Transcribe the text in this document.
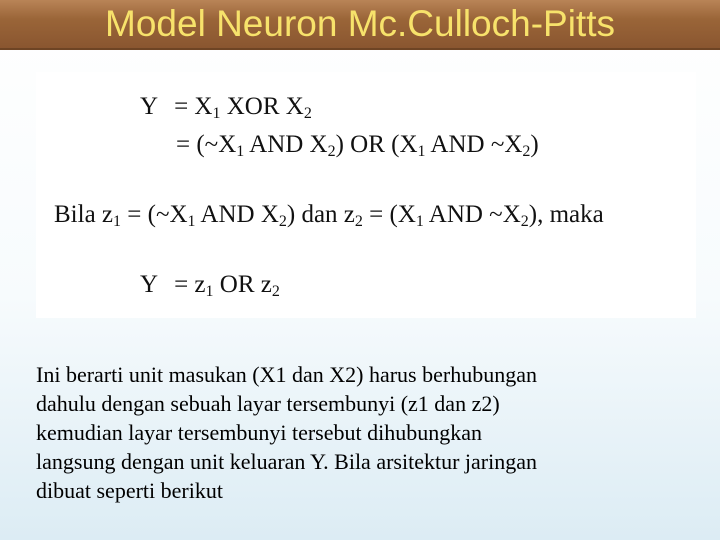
Model Neuron Mc.Culloch-Pitts
$Y = X_1$ XOR $X_2$
= ($\sim X_1$ AND $X_2$) OR ($X_1$ AND $\sim X_2$)
Bila $z_1$ = ($\sim X_1$ AND $X_2$) dan $z_2 = (X_1$ AND $\sim X_2$), maka
$Y = z_1$ OR $z_2$
Ini berarti unit masukan (X1 dan X2) harus berhubungan
dahulu dengan sebuah layar tersembunyi (z1 dan z2)
kemudian layar tersembunyi tersebut dihubungkan
langsung dengan unit keluaran Y. Bila arsitektur jaringan
dibuat seperti berikut
